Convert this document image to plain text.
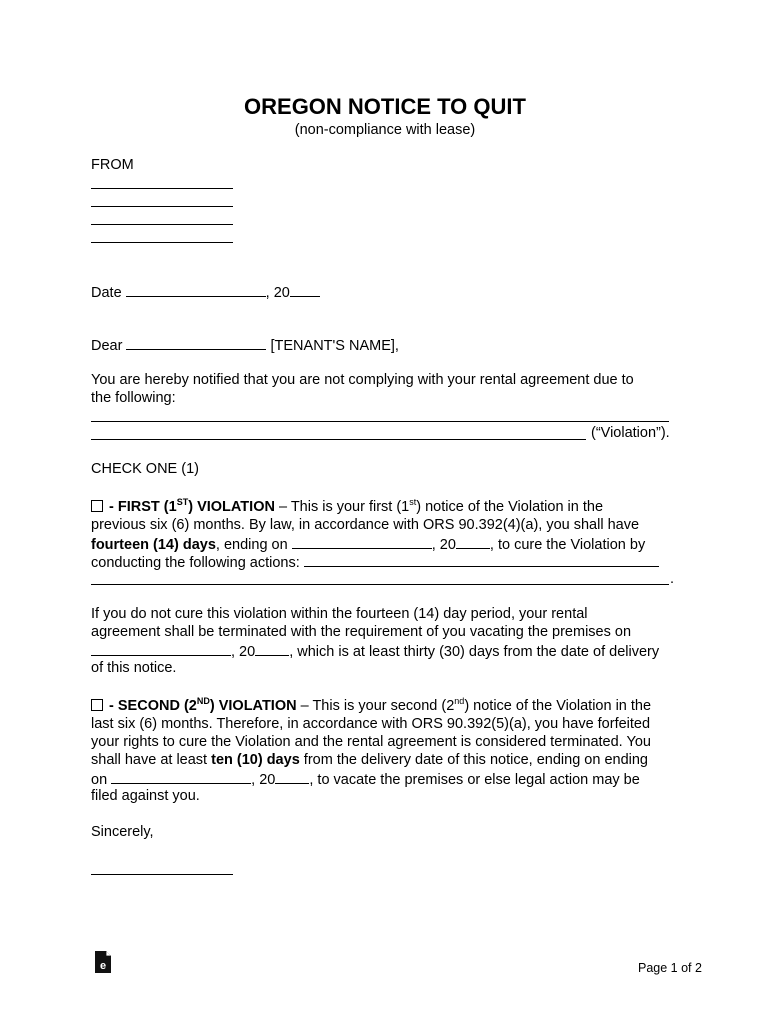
OREGON NOTICE TO QUIT
(non-compliance with lease)
FROM
Date	, 20
Dear	[TENANT'S NAME],
You are hereby notified that you are not complying with your rental agreement due to
the following:
(“Violation”).
CHECK ONE (1)
- FIRST (1ST) VIOLATION – This is your first (1st) notice of the Violation in the
previous six (6) months. By law, in accordance with ORS 90.392(4)(a), you shall have
fourteen (14) days, ending on	, 20 , to cure the Violation by
conducting the following actions:
.
If you do not cure this violation within the fourteen (14) day period, your rental
agreement shall be terminated with the requirement of you vacating the premises on
, 20 , which is at least thirty (30) days from the date of delivery
of this notice.
- SECOND (2ND) VIOLATION – This is your second (2nd) notice of the Violation in the
last six (6) months. Therefore, in accordance with ORS 90.392(5)(a), you have forfeited
your rights to cure the Violation and the rental agreement is considered terminated. You
shall have at least ten (10) days from the delivery date of this notice, ending on ending
on	, 20 , to vacate the premises or else legal action may be
filed against you.
Sincerely,
e	Page 1 of 2
